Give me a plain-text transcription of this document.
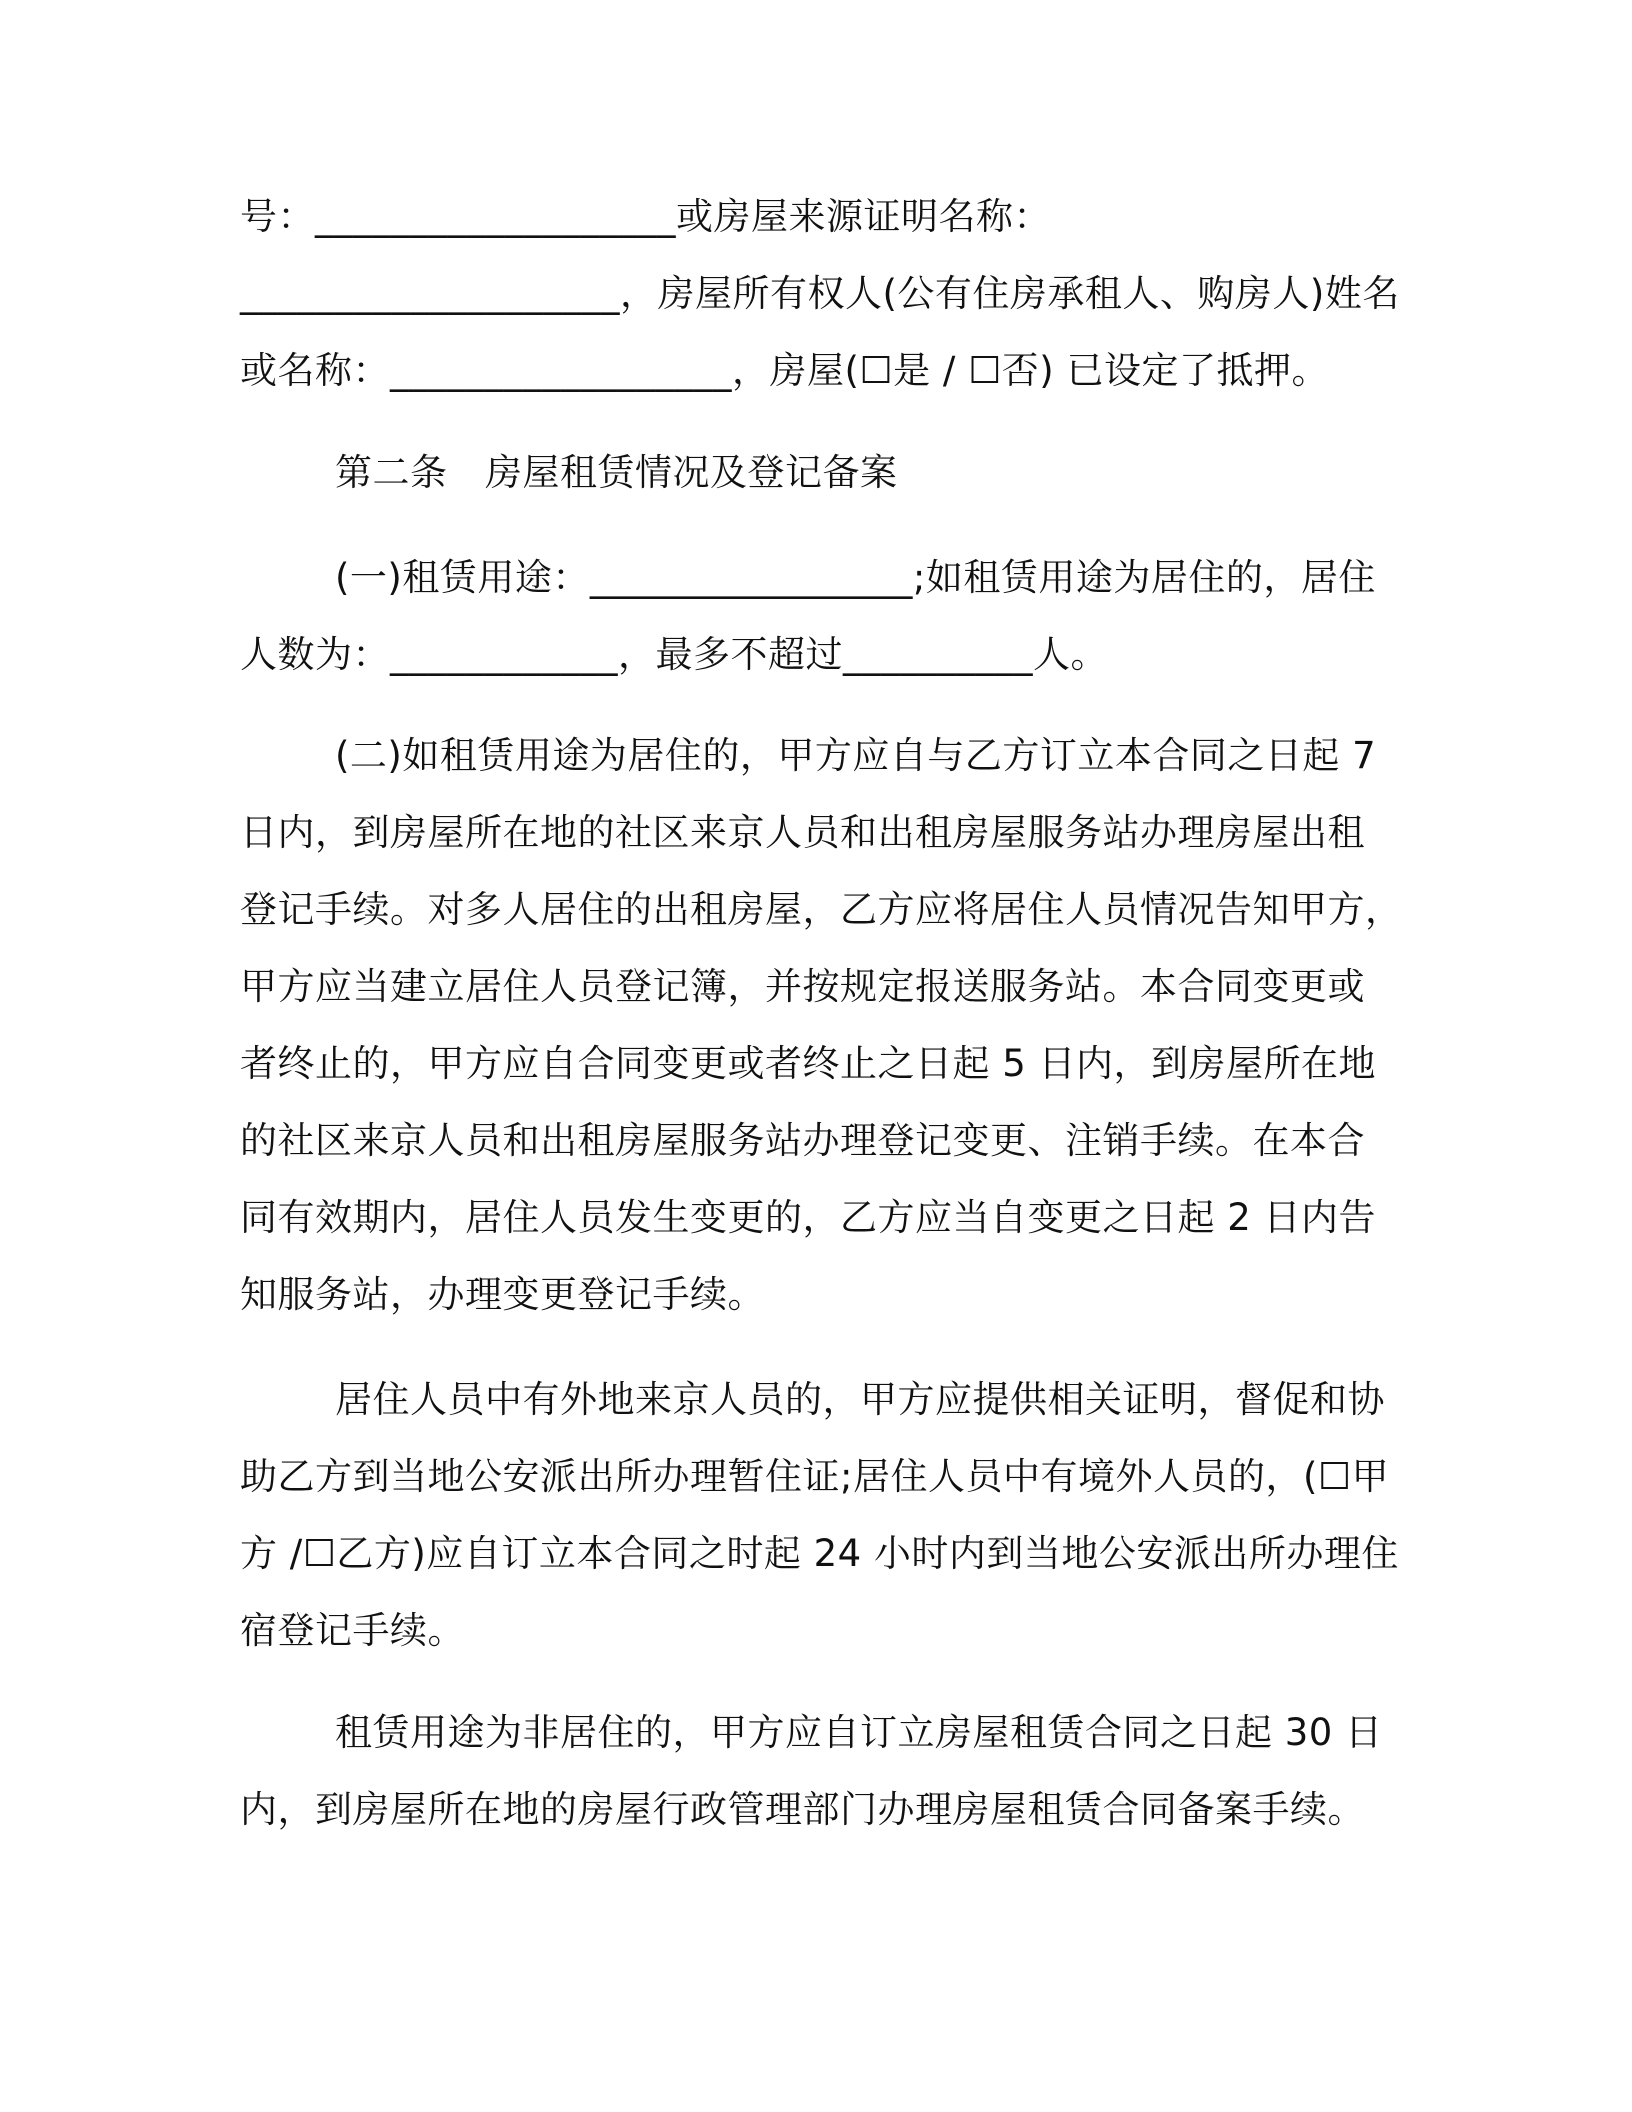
号：___________________或房屋来源证明名称：
____________________，房屋所有权人(公有住房承租人、购房人)姓名
或名称：__________________，房屋(☐是 / ☐否) 已设定了抵押。
第二条　房屋租赁情况及登记备案
(一)租赁用途：_________________;如租赁用途为居住的，居住
人数为：____________，最多不超过__________人。
(二)如租赁用途为居住的，甲方应自与乙方订立本合同之日起 7
日内，到房屋所在地的社区来京人员和出租房屋服务站办理房屋出租
登记手续。对多人居住的出租房屋，乙方应将居住人员情况告知甲方，
甲方应当建立居住人员登记簿，并按规定报送服务站。本合同变更或
者终止的，甲方应自合同变更或者终止之日起 5 日内，到房屋所在地
的社区来京人员和出租房屋服务站办理登记变更、注销手续。在本合
同有效期内，居住人员发生变更的，乙方应当自变更之日起 2 日内告
知服务站，办理变更登记手续。
居住人员中有外地来京人员的，甲方应提供相关证明，督促和协
助乙方到当地公安派出所办理暂住证;居住人员中有境外人员的，(☐甲
方 /☐乙方)应自订立本合同之时起 24 小时内到当地公安派出所办理住
宿登记手续。
租赁用途为非居住的，甲方应自订立房屋租赁合同之日起 30 日
内，到房屋所在地的房屋行政管理部门办理房屋租赁合同备案手续。
